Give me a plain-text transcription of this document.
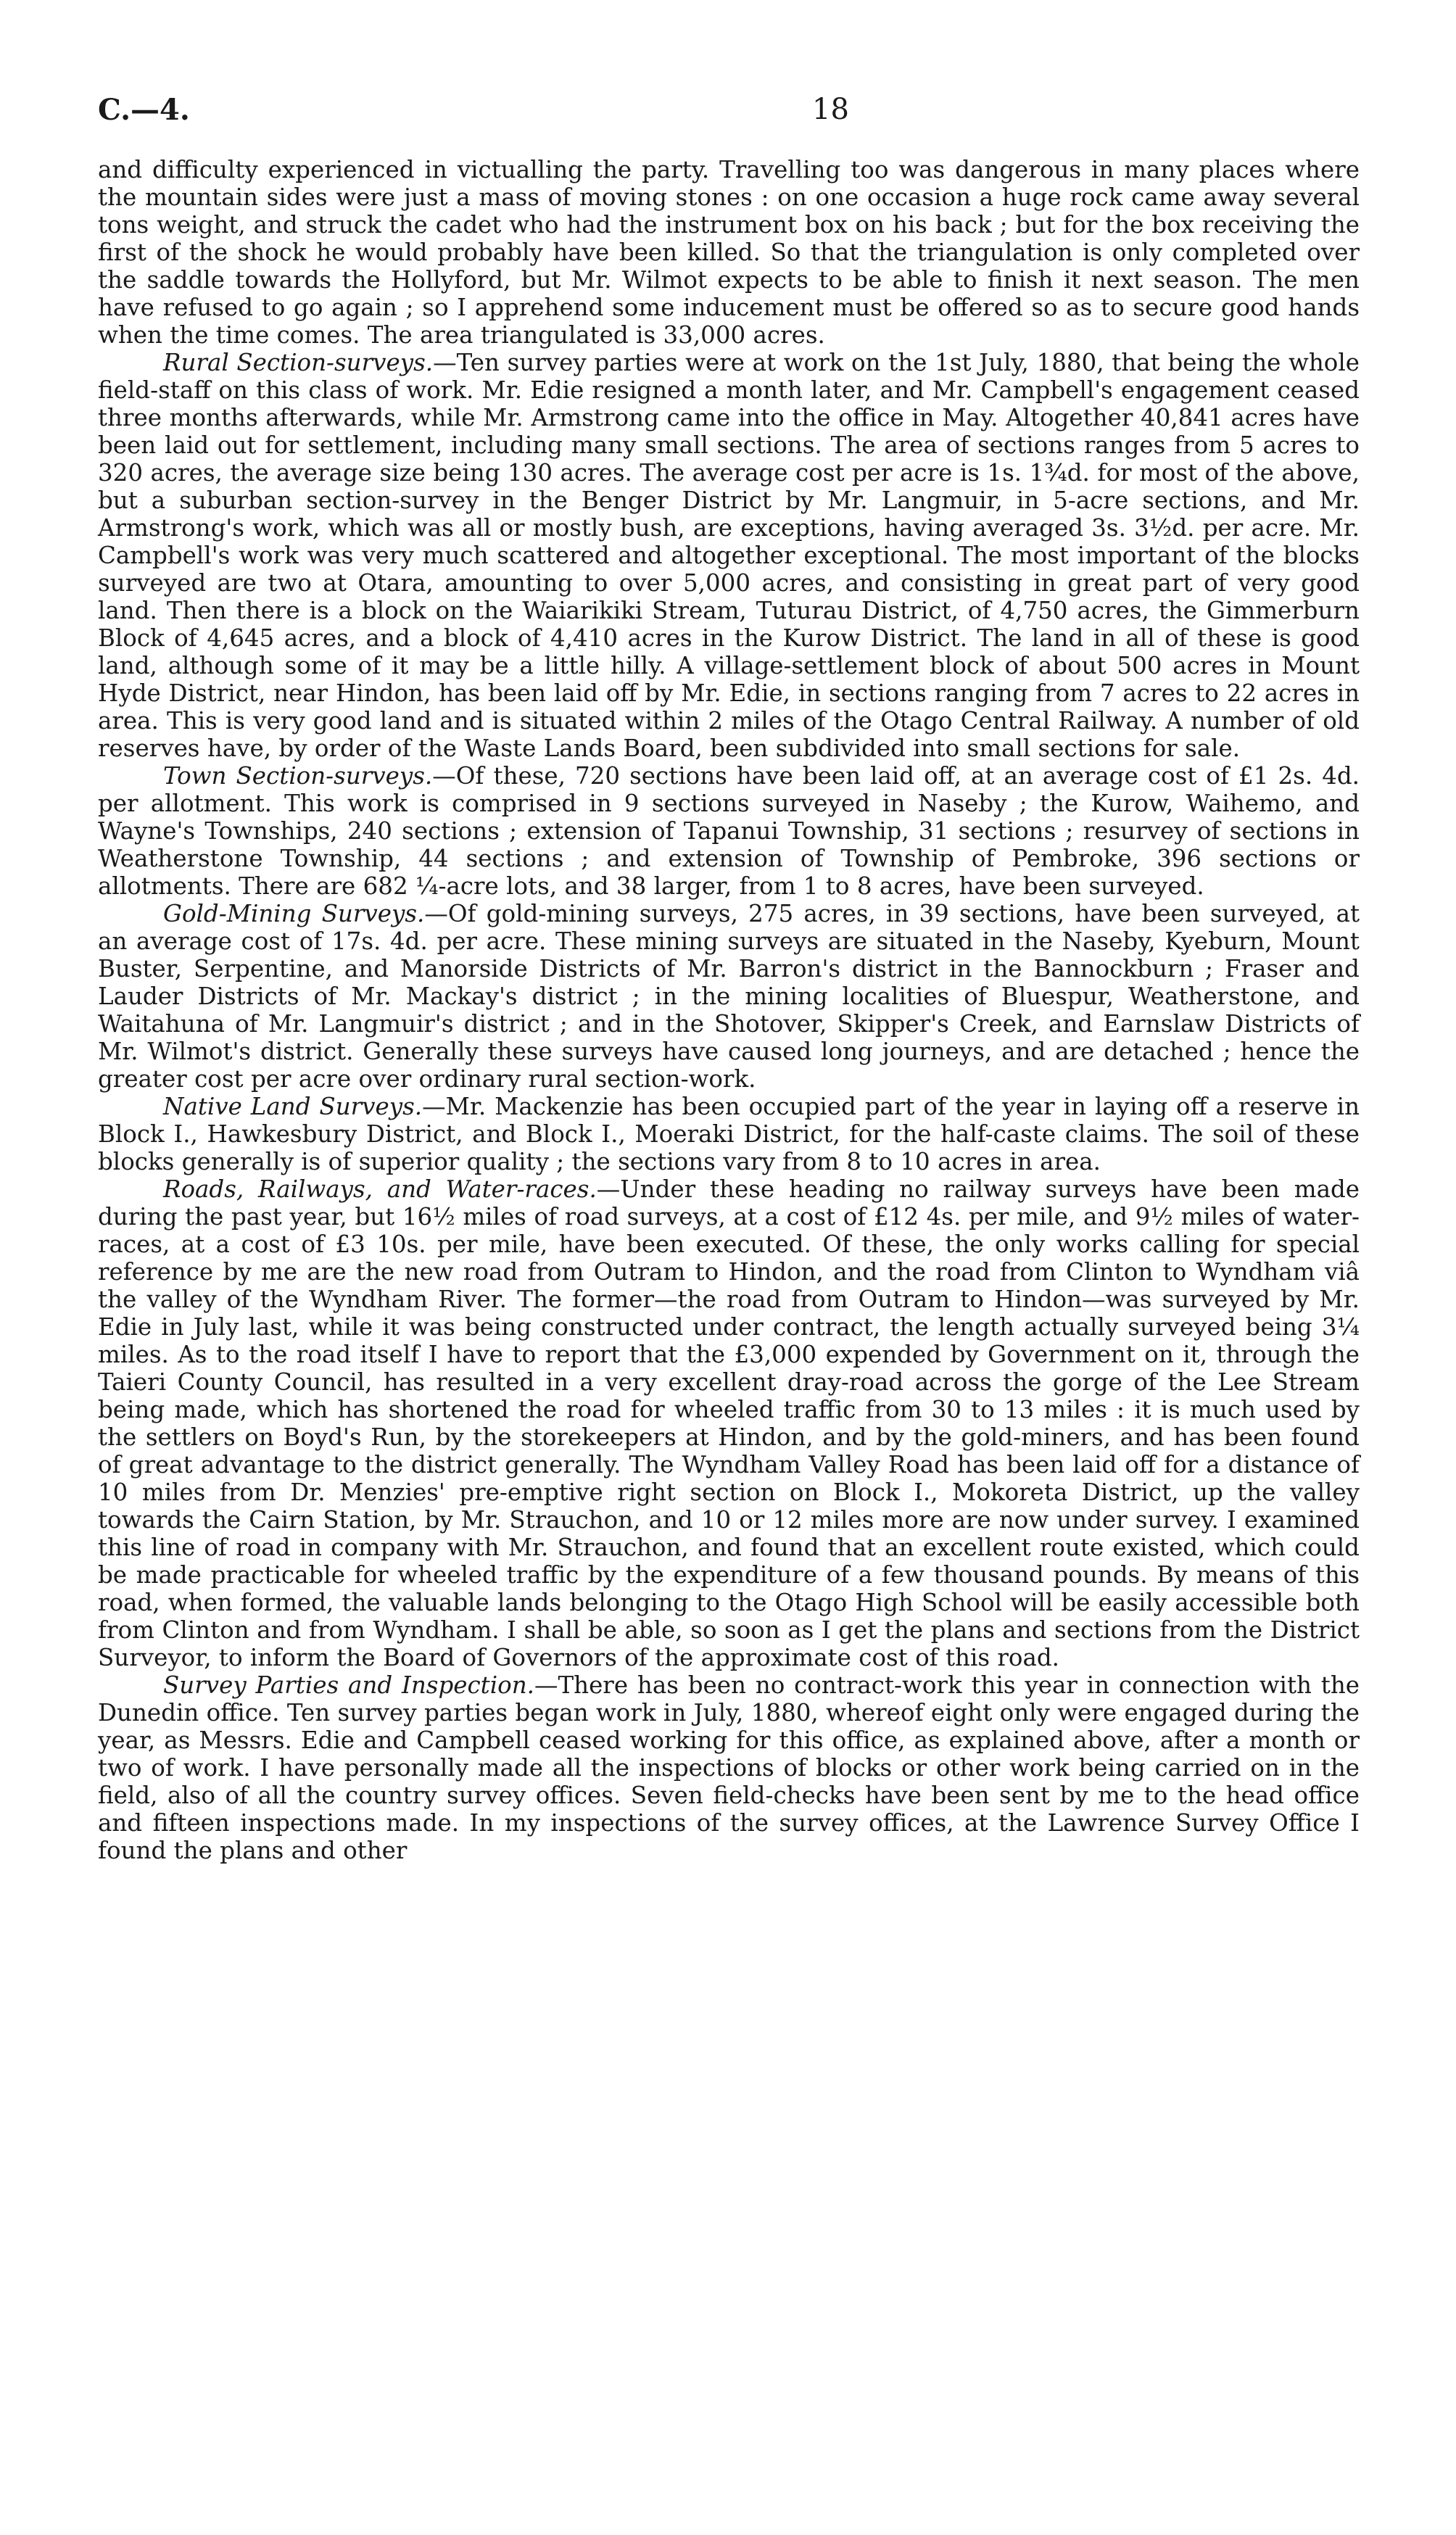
C.—4.	18

and difficulty experienced in victualling the party. Travelling too was dangerous in many places where the mountain sides were just a mass of moving stones : on one occasion a huge rock came away several tons weight, and struck the cadet who had the instrument box on his back ; but for the box receiving the first of the shock he would probably have been killed. So that the triangulation is only completed over the saddle towards the Hollyford, but Mr. Wilmot expects to be able to finish it next season. The men have refused to go again ; so I apprehend some inducement must be offered so as to secure good hands when the time comes. The area triangulated is 33,000 acres.

Rural Section-surveys.—Ten survey parties were at work on the 1st July, 1880, that being the whole field-staff on this class of work. Mr. Edie resigned a month later, and Mr. Campbell's engagement ceased three months afterwards, while Mr. Armstrong came into the office in May. Altogether 40,841 acres have been laid out for settlement, including many small sections. The area of sections ranges from 5 acres to 320 acres, the average size being 130 acres. The average cost per acre is 1s. 1¾d. for most of the above, but a suburban section-survey in the Benger District by Mr. Langmuir, in 5-acre sections, and Mr. Armstrong's work, which was all or mostly bush, are exceptions, having averaged 3s. 3½d. per acre. Mr. Campbell's work was very much scattered and altogether exceptional. The most important of the blocks surveyed are two at Otara, amounting to over 5,000 acres, and consisting in great part of very good land. Then there is a block on the Waiarikiki Stream, Tuturau District, of 4,750 acres, the Gimmerburn Block of 4,645 acres, and a block of 4,410 acres in the Kurow District. The land in all of these is good land, although some of it may be a little hilly. A village-settlement block of about 500 acres in Mount Hyde District, near Hindon, has been laid off by Mr. Edie, in sections ranging from 7 acres to 22 acres in area. This is very good land and is situated within 2 miles of the Otago Central Railway. A number of old reserves have, by order of the Waste Lands Board, been subdivided into small sections for sale.

Town Section-surveys.—Of these, 720 sections have been laid off, at an average cost of £1 2s. 4d. per allotment. This work is comprised in 9 sections surveyed in Naseby ; the Kurow, Waihemo, and Wayne's Townships, 240 sections ; extension of Tapanui Township, 31 sections ; resurvey of sections in Weatherstone Township, 44 sections ; and extension of Township of Pembroke, 396 sections or allotments. There are 682 ¼-acre lots, and 38 larger, from 1 to 8 acres, have been surveyed.

Gold-Mining Surveys.—Of gold-mining surveys, 275 acres, in 39 sections, have been surveyed, at an average cost of 17s. 4d. per acre. These mining surveys are situated in the Naseby, Kyeburn, Mount Buster, Serpentine, and Manorside Districts of Mr. Barron's district in the Bannockburn ; Fraser and Lauder Districts of Mr. Mackay's district ; in the mining localities of Bluespur, Weatherstone, and Waitahuna of Mr. Langmuir's district ; and in the Shotover, Skipper's Creek, and Earnslaw Districts of Mr. Wilmot's district. Generally these surveys have caused long journeys, and are detached ; hence the greater cost per acre over ordinary rural section-work.

Native Land Surveys.—Mr. Mackenzie has been occupied part of the year in laying off a reserve in Block I., Hawkesbury District, and Block I., Moeraki District, for the half-caste claims. The soil of these blocks generally is of superior quality ; the sections vary from 8 to 10 acres in area.

Roads, Railways, and Water-races.—Under these heading no railway surveys have been made during the past year, but 16½ miles of road surveys, at a cost of £12 4s. per mile, and 9½ miles of water-races, at a cost of £3 10s. per mile, have been executed. Of these, the only works calling for special reference by me are the new road from Outram to Hindon, and the road from Clinton to Wyndham viâ the valley of the Wyndham River. The former—the road from Outram to Hindon—was surveyed by Mr. Edie in July last, while it was being constructed under contract, the length actually surveyed being 3¼ miles. As to the road itself I have to report that the £3,000 expended by Government on it, through the Taieri County Council, has resulted in a very excellent dray-road across the gorge of the Lee Stream being made, which has shortened the road for wheeled traffic from 30 to 13 miles : it is much used by the settlers on Boyd's Run, by the storekeepers at Hindon, and by the gold-miners, and has been found of great advantage to the district generally. The Wyndham Valley Road has been laid off for a distance of 10 miles from Dr. Menzies' pre-emptive right section on Block I., Mokoreta District, up the valley towards the Cairn Station, by Mr. Strauchon, and 10 or 12 miles more are now under survey. I examined this line of road in company with Mr. Strauchon, and found that an excellent route existed, which could be made practicable for wheeled traffic by the expenditure of a few thousand pounds. By means of this road, when formed, the valuable lands belonging to the Otago High School will be easily accessible both from Clinton and from Wyndham. I shall be able, so soon as I get the plans and sections from the District Surveyor, to inform the Board of Governors of the approximate cost of this road.

Survey Parties and Inspection.—There has been no contract-work this year in connection with the Dunedin office. Ten survey parties began work in July, 1880, whereof eight only were engaged during the year, as Messrs. Edie and Campbell ceased working for this office, as explained above, after a month or two of work. I have personally made all the inspections of blocks or other work being carried on in the field, also of all the country survey offices. Seven field-checks have been sent by me to the head office and fifteen inspections made. In my inspections of the survey offices, at the Lawrence Survey Office I found the plans and other
